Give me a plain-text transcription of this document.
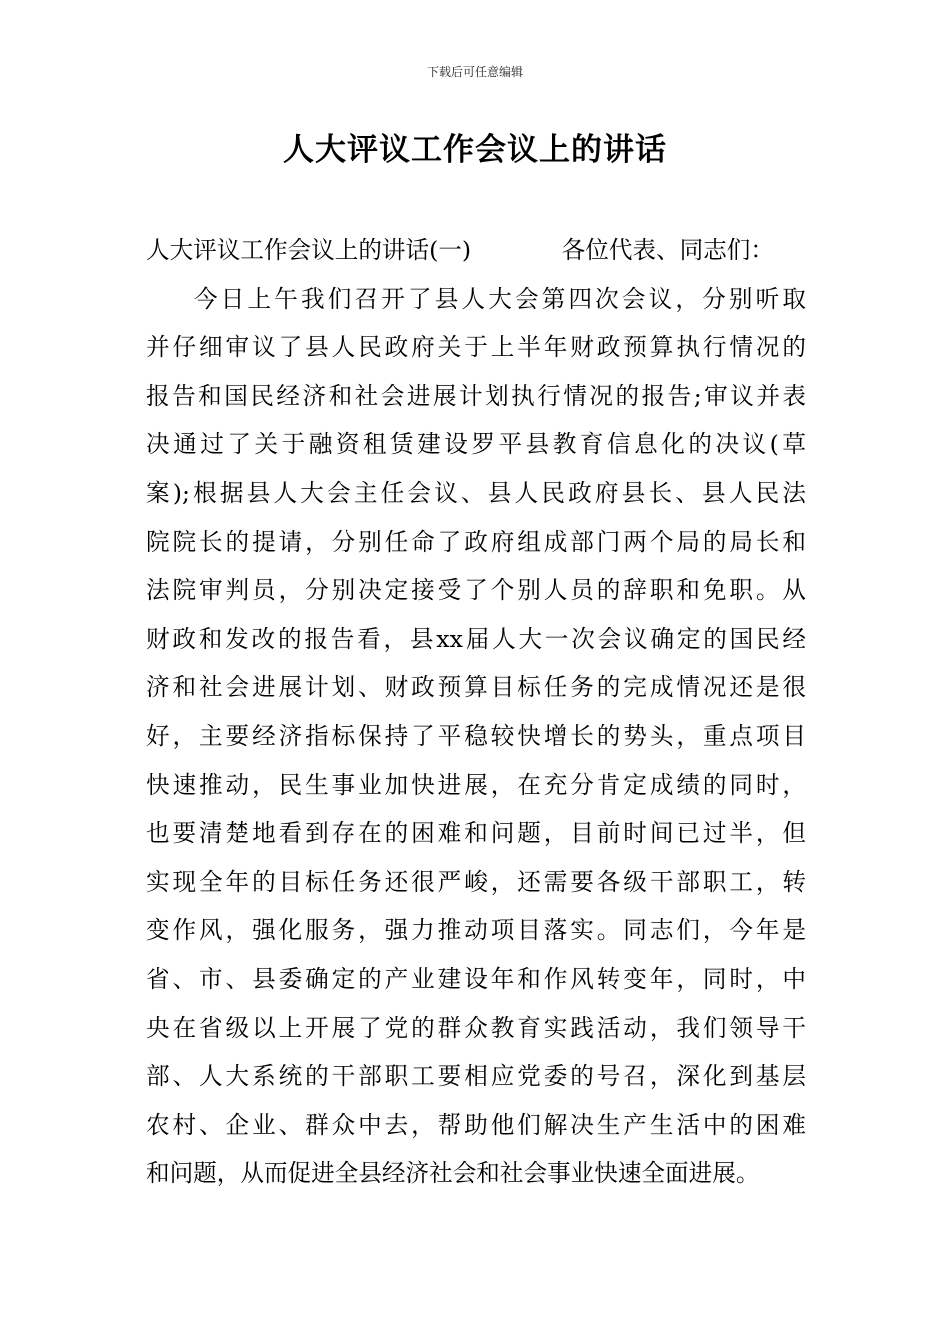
下载后可任意编辑
人大评议工作会议上的讲话
人大评议工作会议上的讲话(一)	各位代表、同志们：
今日上午我们召开了县人大会第四次会议，分别听取
并仔细审议了县人民政府关于上半年财政预算执行情况的
报告和国民经济和社会进展计划执行情况的报告;审议并表
决通过了关于融资租赁建设罗平县教育信息化的决议(草
案);根据县人大会主任会议、县人民政府县长、县人民法
院院长的提请，分别任命了政府组成部门两个局的局长和
法院审判员，分别决定接受了个别人员的辞职和免职。从
财政和发改的报告看，县xx届人大一次会议确定的国民经
济和社会进展计划、财政预算目标任务的完成情况还是很
好，主要经济指标保持了平稳较快增长的势头，重点项目
快速推动，民生事业加快进展，在充分肯定成绩的同时，
也要清楚地看到存在的困难和问题，目前时间已过半，但
实现全年的目标任务还很严峻，还需要各级干部职工，转
变作风，强化服务，强力推动项目落实。同志们，今年是
省、市、县委确定的产业建设年和作风转变年，同时，中
央在省级以上开展了党的群众教育实践活动，我们领导干
部、人大系统的干部职工要相应党委的号召，深化到基层
农村、企业、群众中去，帮助他们解决生产生活中的困难
和问题，从而促进全县经济社会和社会事业快速全面进展。
